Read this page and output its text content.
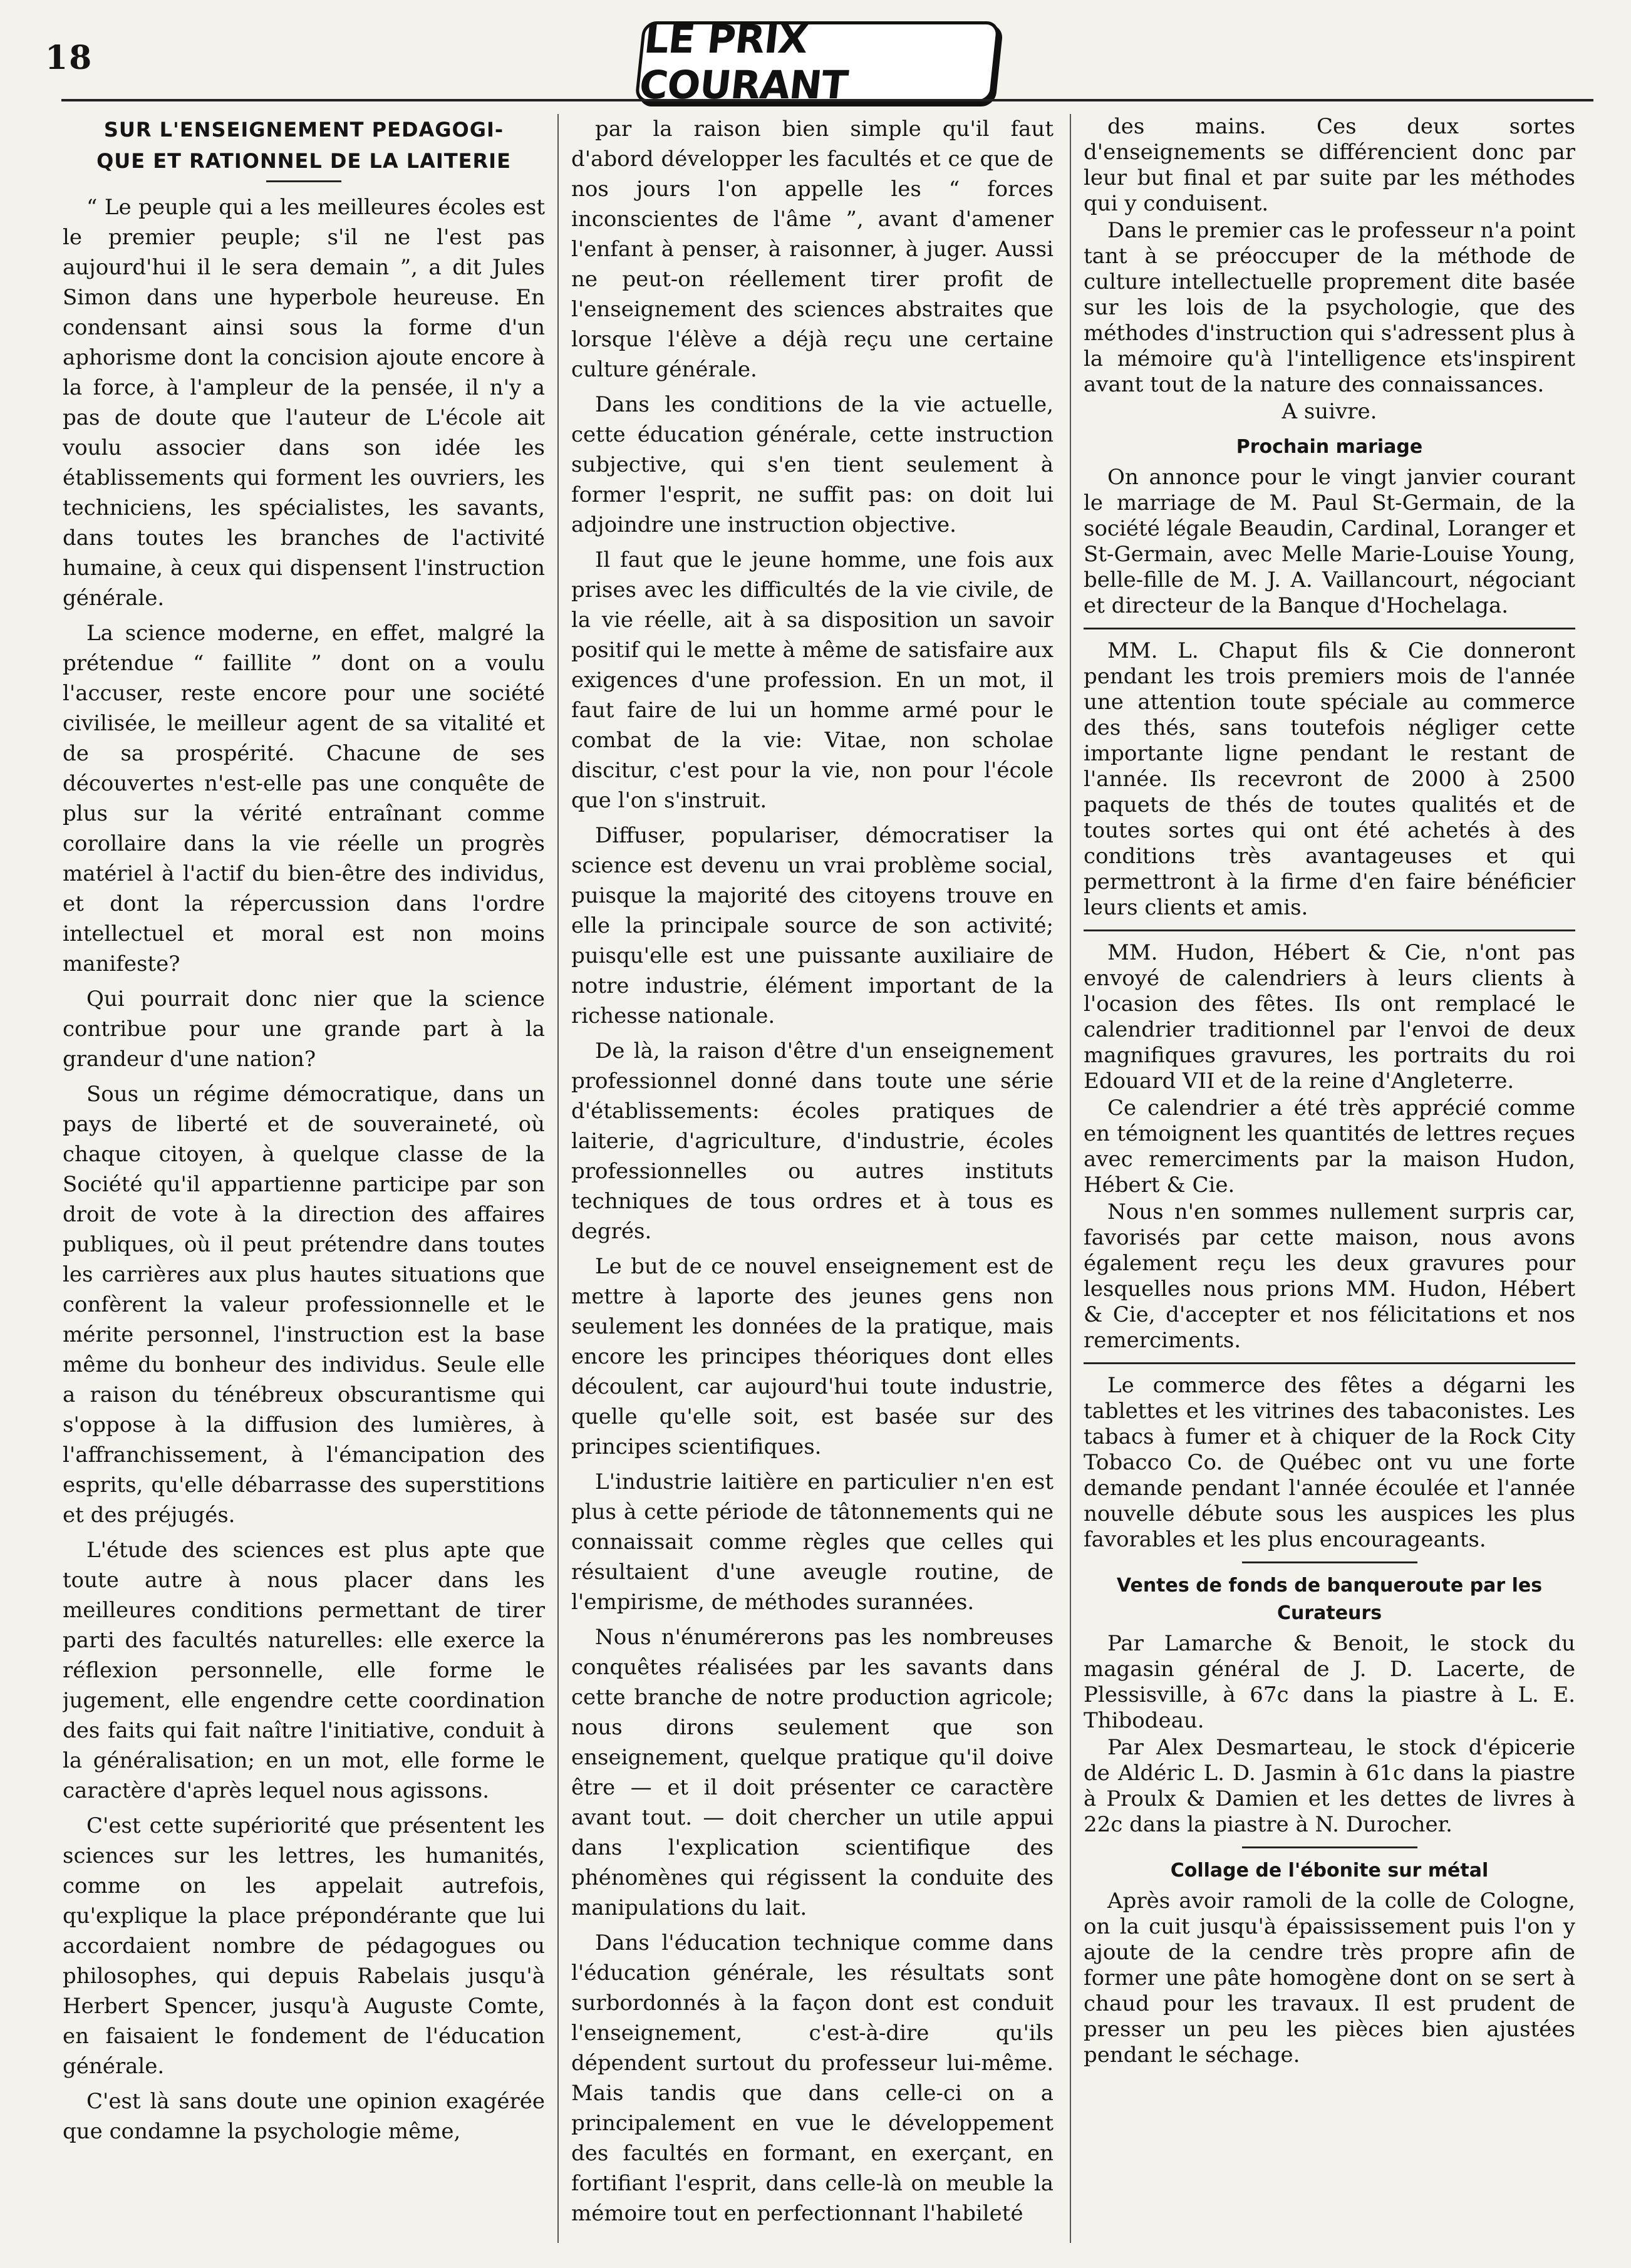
18	LE PRIX COURANT
SUR L'ENSEIGNEMENT PEDAGOGI-QUE ET RATIONNEL DE LA LAITERIE

“ Le peuple qui a les meilleures écoles est le premier peuple; s'il ne l'est pas aujourd'hui il le sera demain ”, a dit Jules Simon dans une hyperbole heureuse. En condensant ainsi sous la forme d'un aphorisme dont la concision ajoute encore à la force, à l'ampleur de la pensée, il n'y a pas de doute que l'auteur de L'école ait voulu associer dans son idée les établissements qui forment les ouvriers, les techniciens, les spécialistes, les savants, dans toutes les branches de l'activité humaine, à ceux qui dispensent l'instruction générale.

La science moderne, en effet, malgré la prétendue “ faillite ” dont on a voulu l'accuser, reste encore pour une société civilisée, le meilleur agent de sa vitalité et de sa prospérité. Chacune de ses découvertes n'est-elle pas une conquête de plus sur la vérité entraînant comme corollaire dans la vie réelle un progrès matériel à l'actif du bien-être des individus, et dont la répercussion dans l'ordre intellectuel et moral est non moins manifeste?

Qui pourrait donc nier que la science contribue pour une grande part à la grandeur d'une nation?

Sous un régime démocratique, dans un pays de liberté et de souveraineté, où chaque citoyen, à quelque classe de la Société qu'il appartienne participe par son droit de vote à la direction des affaires publiques, où il peut prétendre dans toutes les carrières aux plus hautes situations que confèrent la valeur professionnelle et le mérite personnel, l'instruction est la base même du bonheur des individus. Seule elle a raison du ténébreux obscurantisme qui s'oppose à la diffusion des lumières, à l'affranchissement, à l'émancipation des esprits, qu'elle débarrasse des superstitions et des préjugés.

L'étude des sciences est plus apte que toute autre à nous placer dans les meilleures conditions permettant de tirer parti des facultés naturelles: elle exerce la réflexion personnelle, elle forme le jugement, elle engendre cette coordination des faits qui fait naître l'initiative, conduit à la généralisation; en un mot, elle forme le caractère d'après lequel nous agissons.

C'est cette supériorité que présentent les sciences sur les lettres, les humanités, comme on les appelait autrefois, qu'explique la place prépondérante que lui accordaient nombre de pédagogues ou philosophes, qui depuis Rabelais jusqu'à Herbert Spencer, jusqu'à Auguste Comte, en faisaient le fondement de l'éducation générale.

C'est là sans doute une opinion exagérée que condamne la psychologie même,

par la raison bien simple qu'il faut d'abord développer les facultés et ce que de nos jours l'on appelle les “ forces inconscientes de l'âme ”, avant d'amener l'enfant à penser, à raisonner, à juger. Aussi ne peut-on réellement tirer profit de l'enseignement des sciences abstraites que lorsque l'élève a déjà reçu une certaine culture générale.

Dans les conditions de la vie actuelle, cette éducation générale, cette instruction subjective, qui s'en tient seulement à former l'esprit, ne suffit pas: on doit lui adjoindre une instruction objective.

Il faut que le jeune homme, une fois aux prises avec les difficultés de la vie civile, de la vie réelle, ait à sa disposition un savoir positif qui le mette à même de satisfaire aux exigences d'une profession. En un mot, il faut faire de lui un homme armé pour le combat de la vie: Vitae, non scholae discitur, c'est pour la vie, non pour l'école que l'on s'instruit.

Diffuser, populariser, démocratiser la science est devenu un vrai problème social, puisque la majorité des citoyens trouve en elle la principale source de son activité; puisqu'elle est une puissante auxiliaire de notre industrie, élément important de la richesse nationale.

De là, la raison d'être d'un enseignement professionnel donné dans toute une série d'établissements: écoles pratiques de laiterie, d'agriculture, d'industrie, écoles professionnelles ou autres instituts techniques de tous ordres et à tous es degrés.

Le but de ce nouvel enseignement est de mettre à laporte des jeunes gens non seulement les données de la pratique, mais encore les principes théoriques dont elles découlent, car aujourd'hui toute industrie, quelle qu'elle soit, est basée sur des principes scientifiques.

L'industrie laitière en particulier n'en est plus à cette période de tâtonnements qui ne connaissait comme règles que celles qui résultaient d'une aveugle routine, de l'empirisme, de méthodes surannées.

Nous n'énumérerons pas les nombreuses conquêtes réalisées par les savants dans cette branche de notre production agricole; nous dirons seulement que son enseignement, quelque pratique qu'il doive être — et il doit présenter ce caractère avant tout. — doit chercher un utile appui dans l'explication scientifique des phénomènes qui régissent la conduite des manipulations du lait.

Dans l'éducation technique comme dans l'éducation générale, les résultats sont surbordonnés à la façon dont est conduit l'enseignement, c'est-à-dire qu'ils dépendent surtout du professeur lui-même. Mais tandis que dans celle-ci on a principalement en vue le développement des facultés en formant, en exerçant, en fortifiant l'esprit, dans celle-là on meuble la mémoire tout en perfectionnant l'habileté

des mains. Ces deux sortes d'enseignements se différencient donc par leur but final et par suite par les méthodes qui y conduisent.

Dans le premier cas le professeur n'a point tant à se préoccuper de la méthode de culture intellectuelle proprement dite basée sur les lois de la psychologie, que des méthodes d'instruction qui s'adressent plus à la mémoire qu'à l'intelligence ets'inspirent avant tout de la nature des connaissances.

A suivre.

Prochain mariage

On annonce pour le vingt janvier courant le marriage de M. Paul St-Germain, de la société légale Beaudin, Cardinal, Loranger et St-Germain, avec Melle Marie-Louise Young, belle-fille de M. J. A. Vaillancourt, négociant et directeur de la Banque d'Hochelaga.

MM. L. Chaput fils & Cie donneront pendant les trois premiers mois de l'année une attention toute spéciale au commerce des thés, sans toutefois négliger cette importante ligne pendant le restant de l'année. Ils recevront de 2000 à 2500 paquets de thés de toutes qualités et de toutes sortes qui ont été achetés à des conditions très avantageuses et qui permettront à la firme d'en faire bénéficier leurs clients et amis.

MM. Hudon, Hébert & Cie, n'ont pas envoyé de calendriers à leurs clients à l'ocasion des fêtes. Ils ont remplacé le calendrier traditionnel par l'envoi de deux magnifiques gravures, les portraits du roi Edouard VII et de la reine d'Angleterre.

Ce calendrier a été très apprécié comme en témoignent les quantités de lettres reçues avec remerciments par la maison Hudon, Hébert & Cie.

Nous n'en sommes nullement surpris car, favorisés par cette maison, nous avons également reçu les deux gravures pour lesquelles nous prions MM. Hudon, Hébert & Cie, d'accepter et nos félicitations et nos remerciments.

Le commerce des fêtes a dégarni les tablettes et les vitrines des tabaconistes. Les tabacs à fumer et à chiquer de la Rock City Tobacco Co. de Québec ont vu une forte demande pendant l'année écoulée et l'année nouvelle débute sous les auspices les plus favorables et les plus encourageants.

Ventes de fonds de banqueroute par les Curateurs

Par Lamarche & Benoit, le stock du magasin général de J. D. Lacerte, de Plessisville, à 67c dans la piastre à L. E. Thibodeau.

Par Alex Desmarteau, le stock d'épicerie de Aldéric L. D. Jasmin à 61c dans la piastre à Proulx & Damien et les dettes de livres à 22c dans la piastre à N. Durocher.

Collage de l'ébonite sur métal

Après avoir ramoli de la colle de Cologne, on la cuit jusqu'à épaississement puis l'on y ajoute de la cendre très propre afin de former une pâte homogène dont on se sert à chaud pour les travaux. Il est prudent de presser un peu les pièces bien ajustées pendant le séchage.
